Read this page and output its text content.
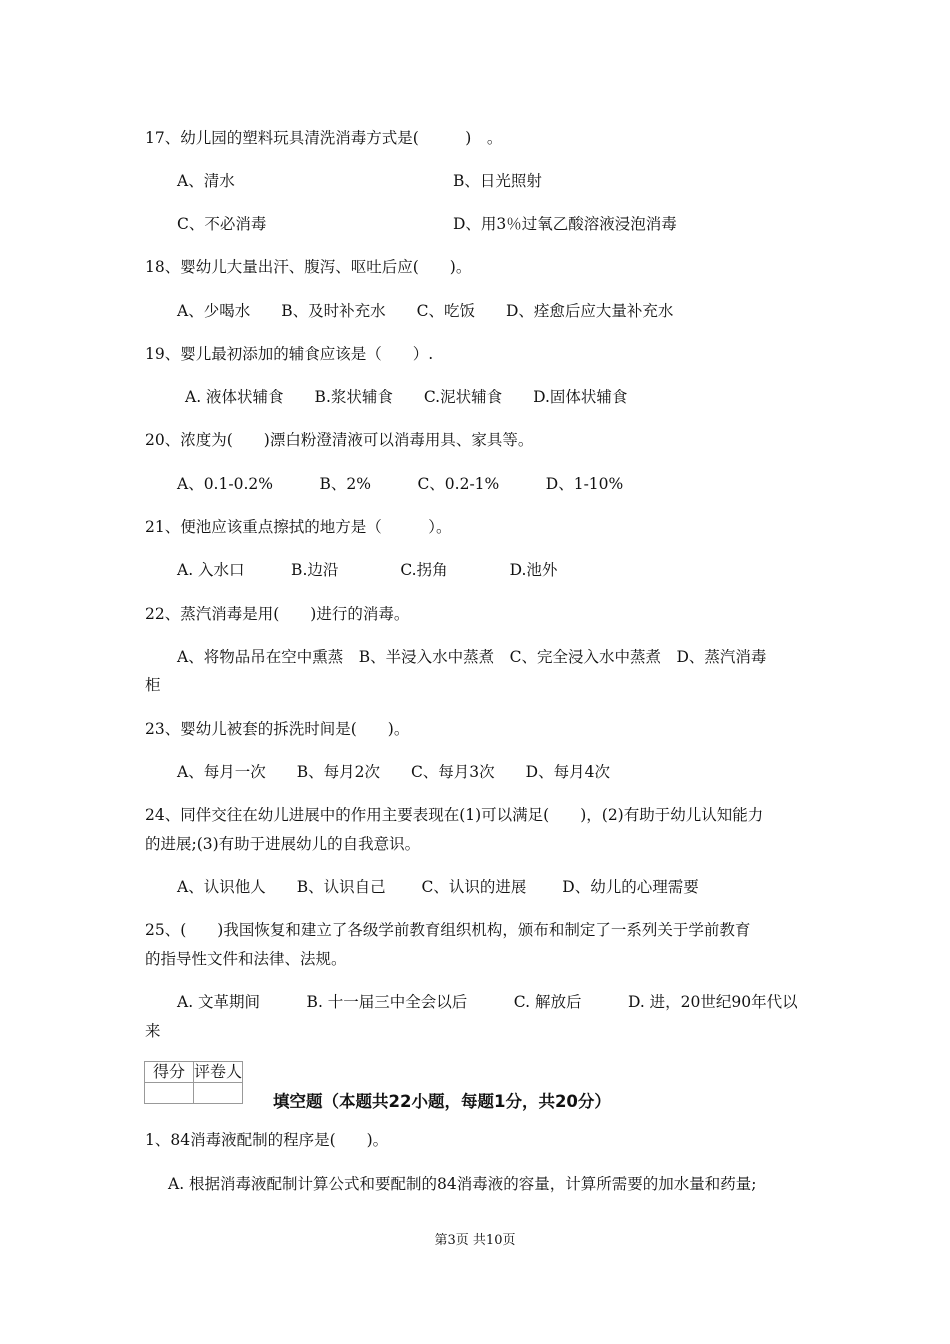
17、幼儿园的塑料玩具清洗消毒方式是(　　　)　。
A、清水	B、日光照射
C、不必消毒	D、用3％过氧乙酸溶液浸泡消毒
18、婴幼儿大量出汗、腹泻、呕吐后应(　　)。
A、少喝水　　B、及时补充水　　C、吃饭　　D、痊愈后应大量补充水
19、婴儿最初添加的辅食应该是（　　）.
A. 液体状辅食　　B.浆状辅食　　C.泥状辅食　　D.固体状辅食
20、浓度为(　　)漂白粉澄清液可以消毒用具、家具等。
A、0.1-0.2%　　　B、2%　　　C、0.2-1%　　　D、1-10%
21、便池应该重点擦拭的地方是（　　　）。
A. 入水口　　　B.边沿　　　　C.拐角　　　　D.池外
22、蒸汽消毒是用(　　)进行的消毒。
A、将物品吊在空中熏蒸　B、半浸入水中蒸煮　C、完全浸入水中蒸煮　D、蒸汽消毒
柜
23、婴幼儿被套的拆洗时间是(　　)。
A、每月一次　　B、每月2次　　C、每月3次　　D、每月4次
24、同伴交往在幼儿进展中的作用主要表现在(1)可以满足(　　)，(2)有助于幼儿认知能力
的进展;(3)有助于进展幼儿的自我意识。
A、认识他人　　B、认识自己　　 C、认识的进展　　 D、幼儿的心理需要
25、(　　)我国恢复和建立了各级学前教育组织机构，颁布和制定了一系列关于学前教育
的指导性文件和法律、法规。
A. 文革期间　　　B. 十一届三中全会以后　　　C. 解放后　　　D. 进，20世纪90年代以
来
得分	评卷人

填空题（本题共22小题，每题1分，共20分）
1、84消毒液配制的程序是(　　)。
A. 根据消毒液配制计算公式和要配制的84消毒液的容量，计算所需要的加水量和药量;
第3页 共10页
